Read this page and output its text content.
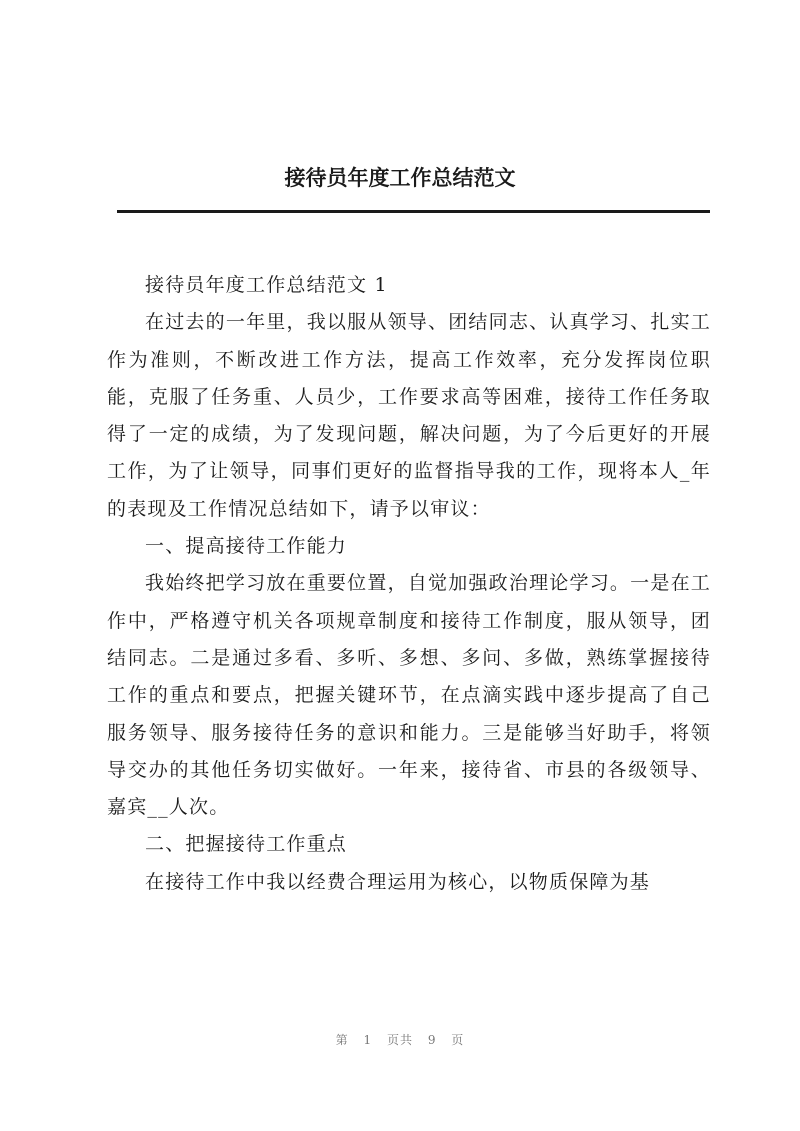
接待员年度工作总结范文

接待员年度工作总结范文 1

在过去的一年里，我以服从领导、团结同志、认真学习、扎实工作为准则，不断改进工作方法，提高工作效率，充分发挥岗位职能，克服了任务重、人员少，工作要求高等困难，接待工作任务取得了一定的成绩，为了发现问题，解决问题，为了今后更好的开展工作，为了让领导，同事们更好的监督指导我的工作，现将本人_年的表现及工作情况总结如下，请予以审议：

一、提高接待工作能力

我始终把学习放在重要位置，自觉加强政治理论学习。一是在工作中，严格遵守机关各项规章制度和接待工作制度，服从领导，团结同志。二是通过多看、多听、多想、多问、多做，熟练掌握接待工作的重点和要点，把握关键环节，在点滴实践中逐步提高了自己服务领导、服务接待任务的意识和能力。三是能够当好助手，将领导交办的其他任务切实做好。一年来，接待省、市县的各级领导、嘉宾__人次。

二、把握接待工作重点

在接待工作中我以经费合理运用为核心，以物质保障为基

第 1 页共 9 页
